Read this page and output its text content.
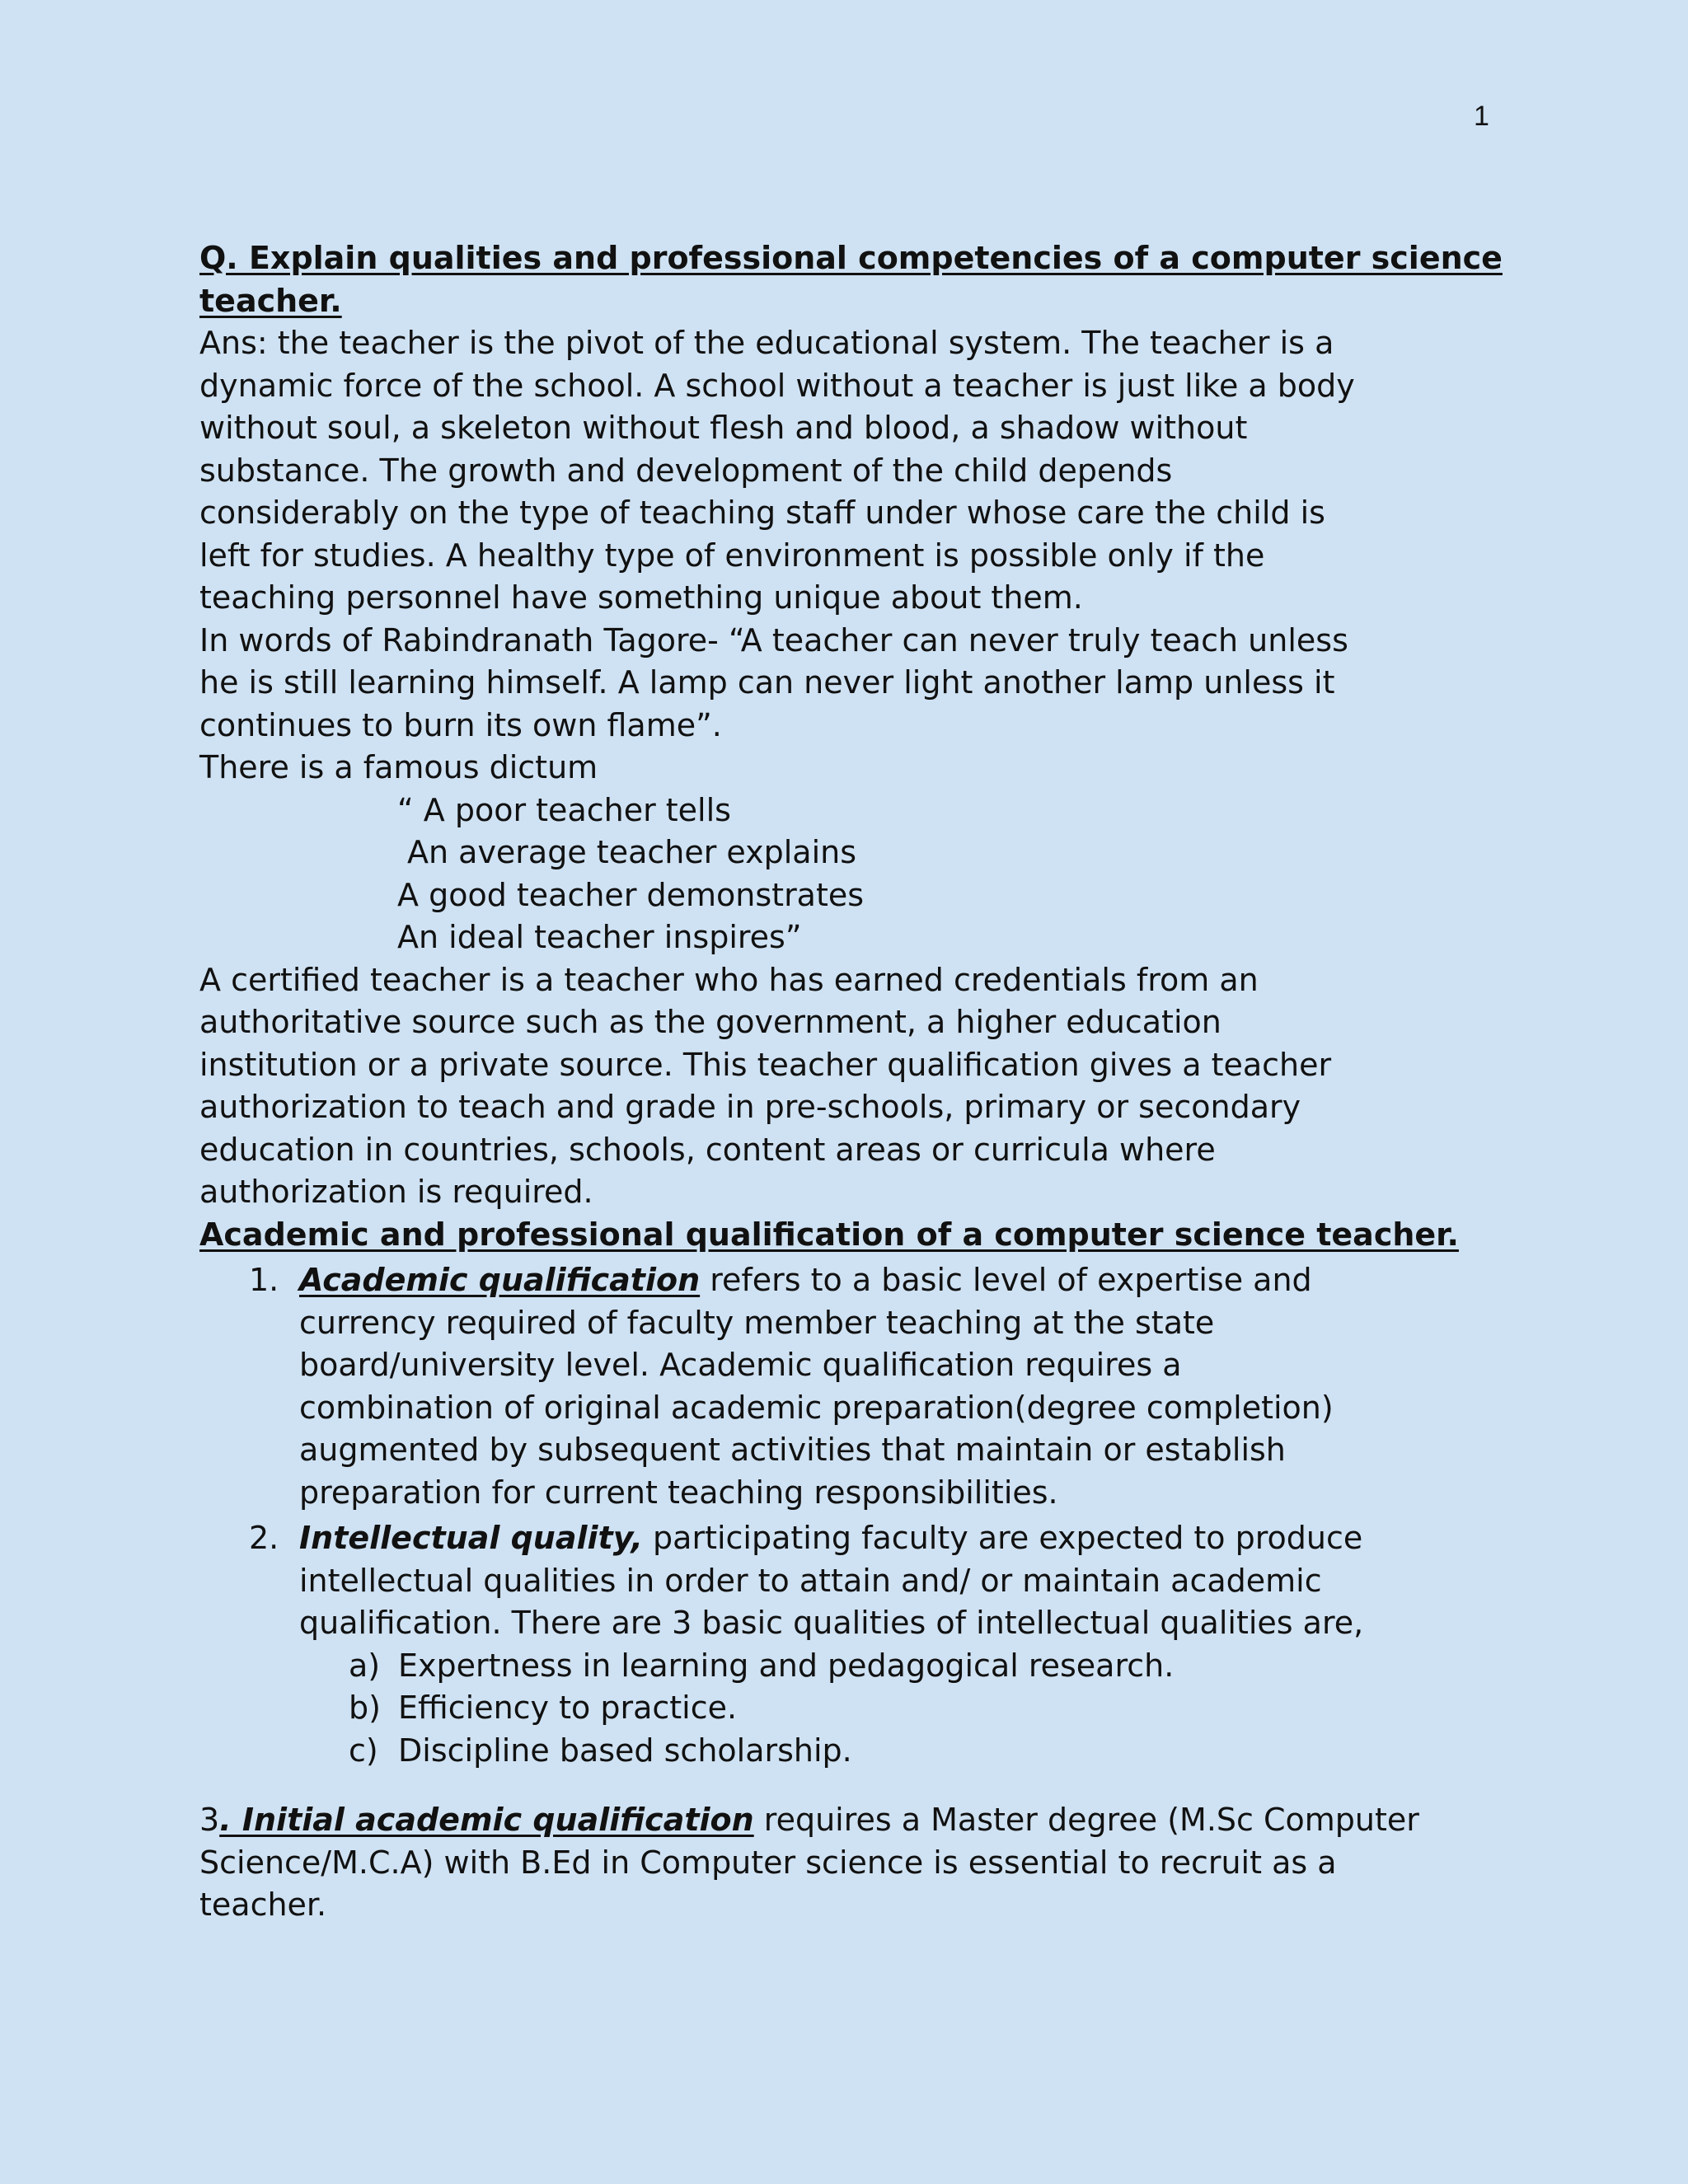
1
Q. Explain qualities and professional competencies of a computer science
teacher.
Ans: the teacher is the pivot of the educational system. The teacher is a
dynamic force of the school. A school without a teacher is just like a body
without soul, a skeleton without flesh and blood, a shadow without
substance. The growth and development of the child depends
considerably on the type of teaching staff under whose care the child is
left for studies. A healthy type of environment is possible only if the
teaching personnel have something unique about them.
In words of Rabindranath Tagore- “A teacher can never truly teach unless
he is still learning himself. A lamp can never light another lamp unless it
continues to burn its own flame”.
There is a famous dictum
“ A poor teacher tells
An average teacher explains
A good teacher demonstrates
An ideal teacher inspires”
A certified teacher is a teacher who has earned credentials from an
authoritative source such as the government, a higher education
institution or a private source. This teacher qualification gives a teacher
authorization to teach and grade in pre-schools, primary or secondary
education in countries, schools, content areas or curricula where
authorization is required.
Academic and professional qualification of a computer science teacher.
1. Academic qualification refers to a basic level of expertise and
currency required of faculty member teaching at the state
board/university level. Academic qualification requires a
combination of original academic preparation(degree completion)
augmented by subsequent activities that maintain or establish
preparation for current teaching responsibilities.
2. Intellectual quality, participating faculty are expected to produce
intellectual qualities in order to attain and/ or maintain academic
qualification. There are 3 basic qualities of intellectual qualities are,
a) Expertness in learning and pedagogical research.
b) Efficiency to practice.
c) Discipline based scholarship.
3. Initial academic qualification requires a Master degree (M.Sc Computer
Science/M.C.A) with B.Ed in Computer science is essential to recruit as a
teacher.
